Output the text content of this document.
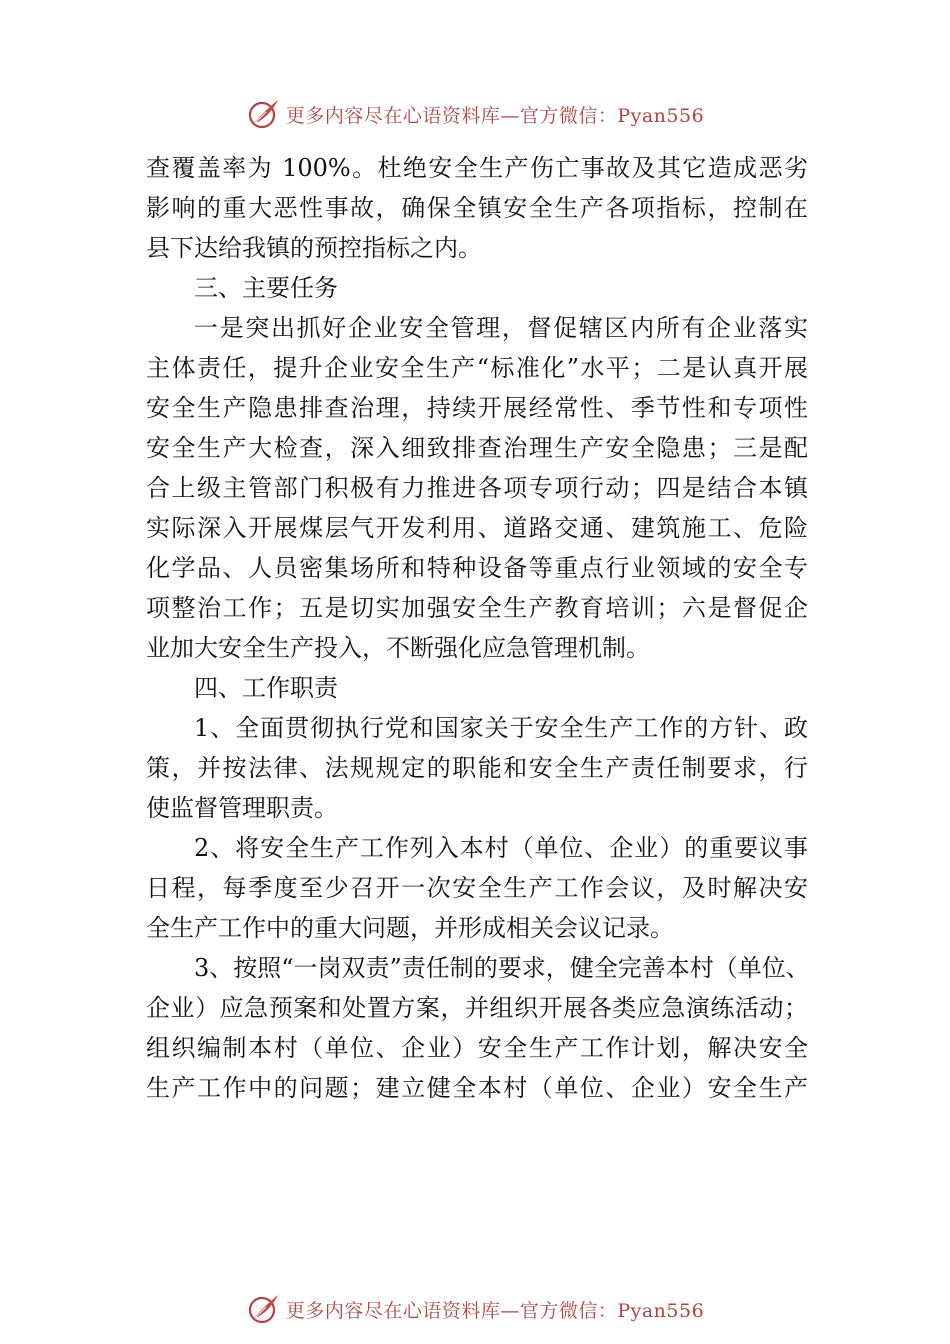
更多内容尽在心语资料库—官方微信：Pyan556
查覆盖率为 100%。杜绝安全生产伤亡事故及其它造成恶劣
影响的重大恶性事故，确保全镇安全生产各项指标，控制在
县下达给我镇的预控指标之内。
三、主要任务
一是突出抓好企业安全管理，督促辖区内所有企业落实
主体责任，提升企业安全生产“标准化”水平；二是认真开展
安全生产隐患排查治理，持续开展经常性、季节性和专项性
安全生产大检查，深入细致排查治理生产安全隐患；三是配
合上级主管部门积极有力推进各项专项行动；四是结合本镇
实际深入开展煤层气开发利用、道路交通、建筑施工、危险
化学品、人员密集场所和特种设备等重点行业领域的安全专
项整治工作；五是切实加强安全生产教育培训；六是督促企
业加大安全生产投入，不断强化应急管理机制。
四、工作职责
1、全面贯彻执行党和国家关于安全生产工作的方针、政
策，并按法律、法规规定的职能和安全生产责任制要求，行
使监督管理职责。
2、将安全生产工作列入本村（单位、企业）的重要议事
日程，每季度至少召开一次安全生产工作会议，及时解决安
全生产工作中的重大问题，并形成相关会议记录。
3、按照“一岗双责”责任制的要求，健全完善本村（单位、
企业）应急预案和处置方案，并组织开展各类应急演练活动；
组织编制本村（单位、企业）安全生产工作计划，解决安全
生产工作中的问题；建立健全本村（单位、企业）安全生产
更多内容尽在心语资料库—官方微信：Pyan556
